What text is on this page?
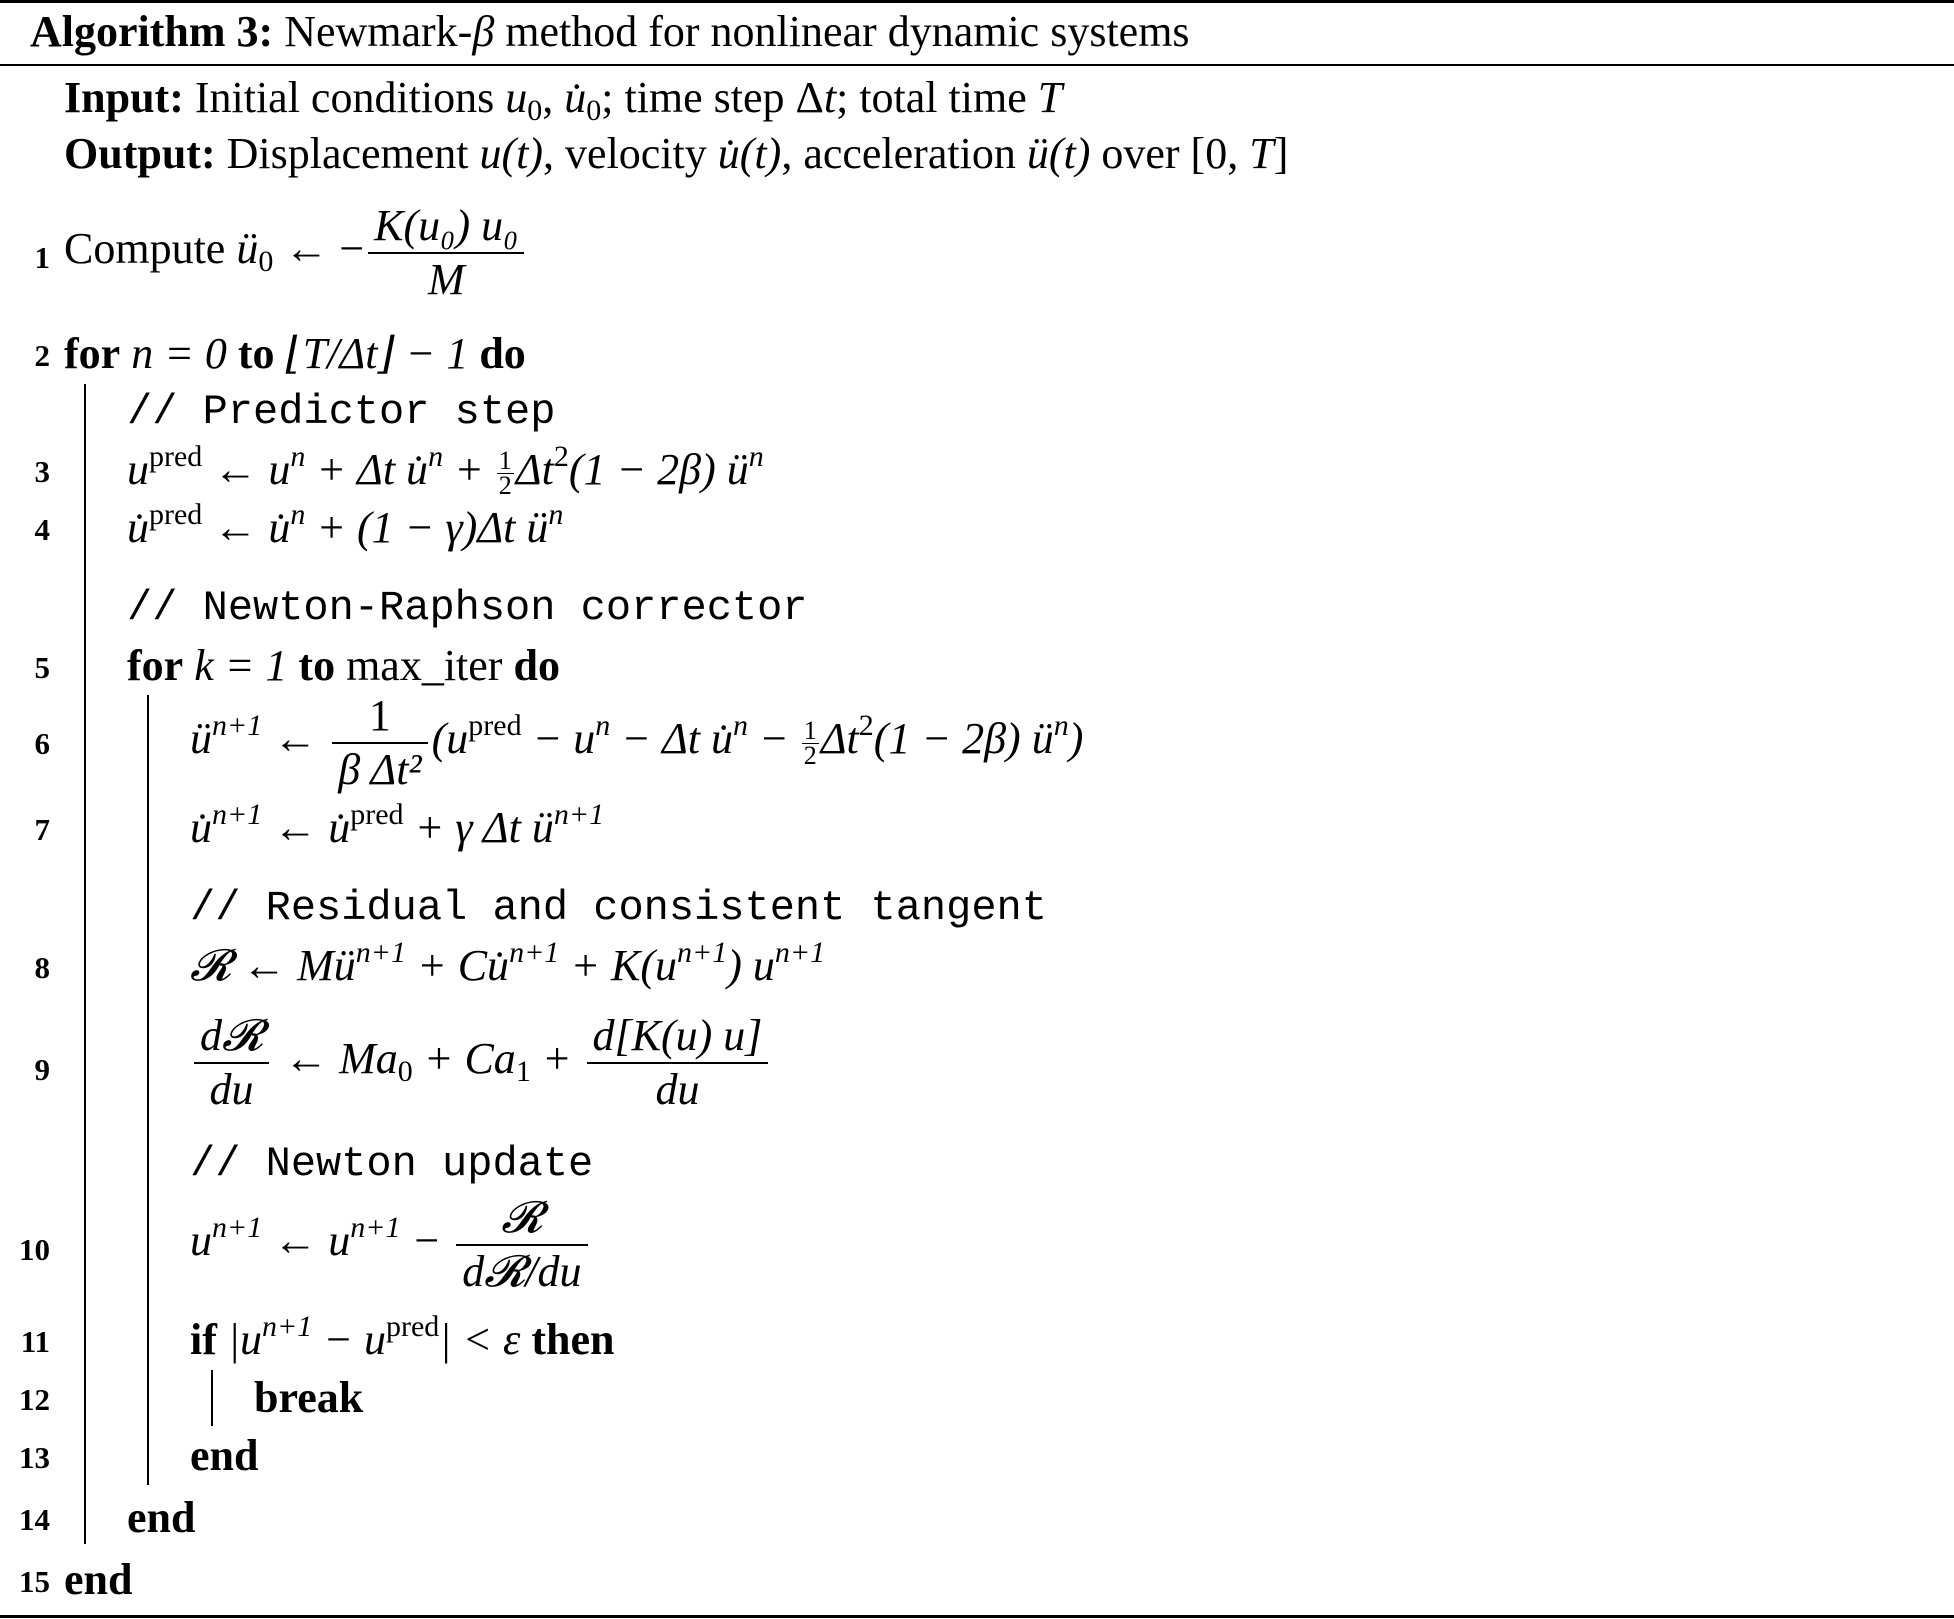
Algorithm 3: Newmark-β method for nonlinear dynamic systems
Input: Initial conditions $u_0$, $u̇_0$; time step Δt; total time T
Output: Displacement u(t), velocity u̇(t), acceleration ü(t) over [0, T]
1 Compute $ü_0$ ← − $\frac{\text{K(u₀) u₀}}{M}$
2 for n = 0 to ⌊T/Δt⌋ − 1 do
// Predictor step
3 $u^{pred}$ ← $u^n + \Delta t$ u̇$^n$ + $\frac{1}{2} \Delta t^2(1 - 2\beta)$ $ü^n$
4 u̇$^{pred}$ ← u̇$^n$ + (1 − γ)Δt $ü^n$
// Newton-Raphson corrector
5 for k = 1 to max_iter do
6	$ü^{n+1}$ ← $\frac{1}{\text{β Δt²}} (u^{pred} - u^n - \Delta t$ u̇$^n$ − $\frac{1}{2} \Delta t^2(1 - 2\beta)$ $ü^n$)
7	u̇$^{n+1}$ ← u̇$^{pred}$ + γ Δt $ü^{n+1}$
// Residual and consistent tangent
8	𝓡 ← $Mü^{n+1}$ + Cu̇$^{n+1}$ + $K(u^{n+1})$ $u^{n+1}$
9	$\frac{\text{d𝓡}}{du}$ ← $Ma_0 + Ca_1 + \frac{d[K(u) u]}{du}$
// Newton update
10	$u^{n+1}$ ← $u^{n+1} - \frac{\text{𝓡}}{\text{d𝓡/du}}$
11	if $|u^{n+1} - u^{pred}| < \varepsilon$ then
12	break
13	end
14 end
15 end
